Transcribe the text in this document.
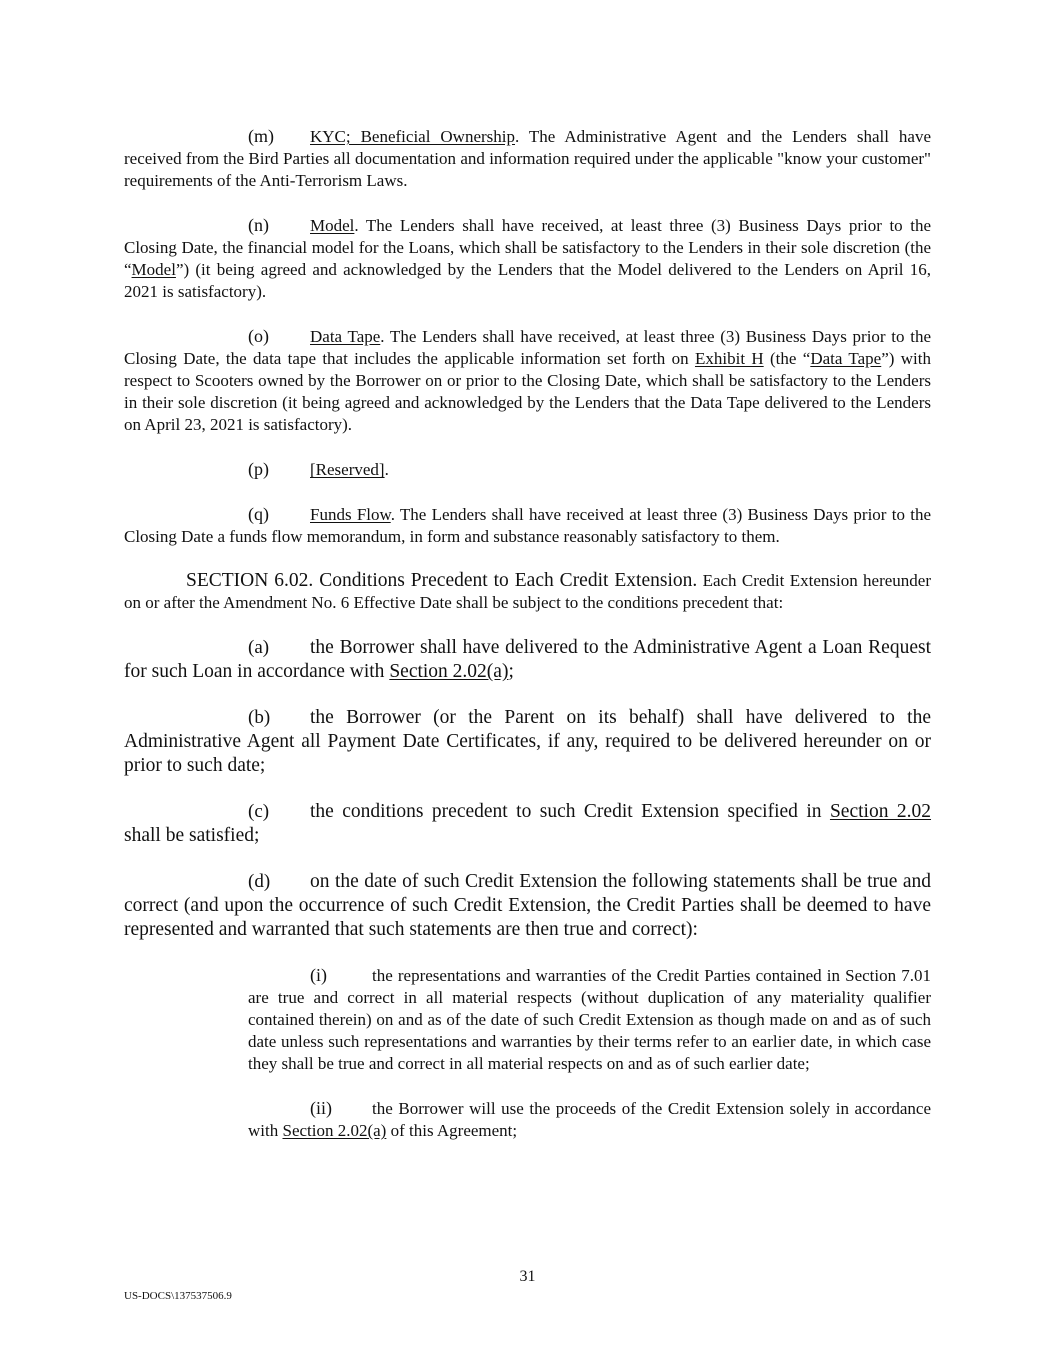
(m) KYC; Beneficial Ownership. The Administrative Agent and the Lenders shall have received from the Bird Parties all documentation and information required under the applicable "know your customer" requirements of the Anti-Terrorism Laws.

(n) Model. The Lenders shall have received, at least three (3) Business Days prior to the Closing Date, the financial model for the Loans, which shall be satisfactory to the Lenders in their sole discretion (the “Model”) (it being agreed and acknowledged by the Lenders that the Model delivered to the Lenders on April 16, 2021 is satisfactory).

(o) Data Tape. The Lenders shall have received, at least three (3) Business Days prior to the Closing Date, the data tape that includes the applicable information set forth on Exhibit H (the “Data Tape”) with respect to Scooters owned by the Borrower on or prior to the Closing Date, which shall be satisfactory to the Lenders in their sole discretion (it being agreed and acknowledged by the Lenders that the Data Tape delivered to the Lenders on April 23, 2021 is satisfactory).

(p) [Reserved].

(q) Funds Flow. The Lenders shall have received at least three (3) Business Days prior to the Closing Date a funds flow memorandum, in form and substance reasonably satisfactory to them.

SECTION 6.02. Conditions Precedent to Each Credit Extension. Each Credit Extension hereunder on or after the Amendment No. 6 Effective Date shall be subject to the conditions precedent that:

(a) the Borrower shall have delivered to the Administrative Agent a Loan Request for such Loan in accordance with Section 2.02(a);

(b) the Borrower (or the Parent on its behalf) shall have delivered to the Administrative Agent all Payment Date Certificates, if any, required to be delivered hereunder on or prior to such date;

(c) the conditions precedent to such Credit Extension specified in Section 2.02 shall be satisfied;

(d) on the date of such Credit Extension the following statements shall be true and correct (and upon the occurrence of such Credit Extension, the Credit Parties shall be deemed to have represented and warranted that such statements are then true and correct):

(i)	the representations and warranties of the Credit Parties contained in Section 7.01 are true and correct in all material respects (without duplication of any materiality qualifier contained therein) on and as of the date of such Credit Extension as though made on and as of such date unless such representations and warranties by their terms refer to an earlier date, in which case they shall be true and correct in all material respects on and as of such earlier date;

(ii) the Borrower will use the proceeds of the Credit Extension solely in accordance with Section 2.02(a) of this Agreement;

31
US-DOCS\137537506.9
